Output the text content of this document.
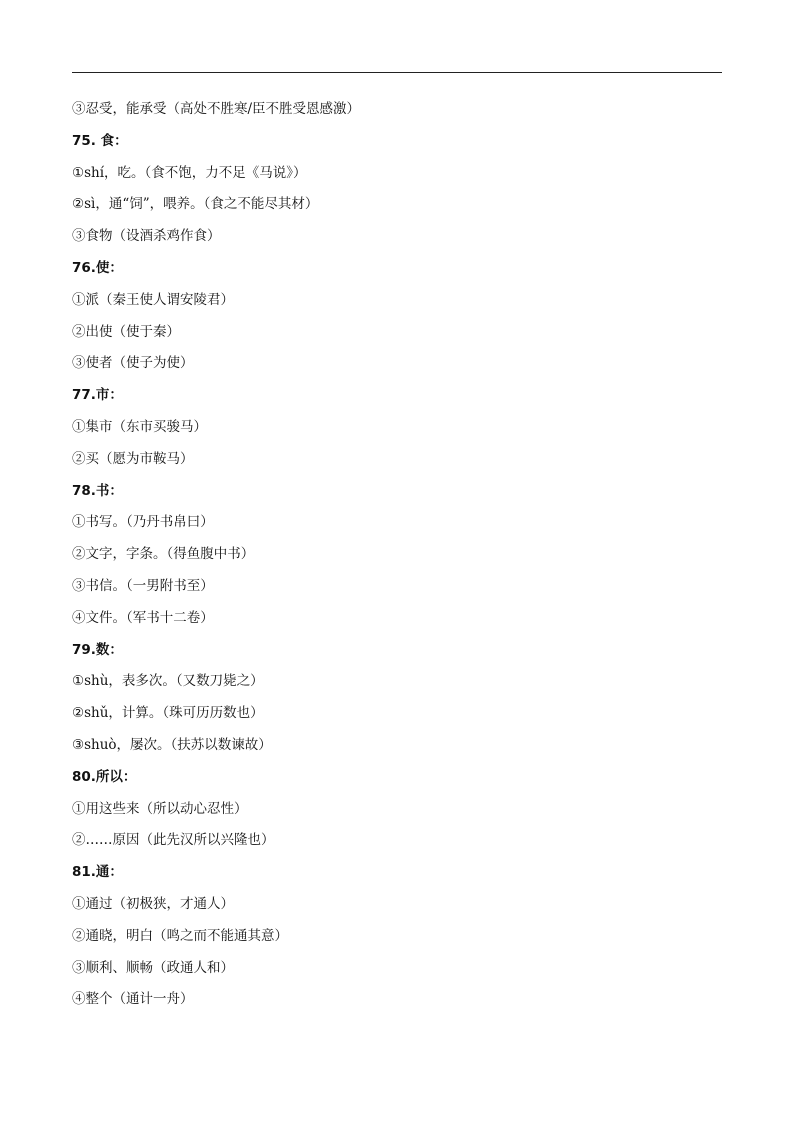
③忍受，能承受（高处不胜寒/臣不胜受恩感激）
75. 食：
①shí，吃。（食不饱，力不足《马说》）
②sì，通“饲”，喂养。（食之不能尽其材）
③食物（设酒杀鸡作食）
76.使：
①派（秦王使人谓安陵君）
②出使（使于秦）
③使者（使子为使）
77.市：
①集市（东市买骏马）
②买（愿为市鞍马）
78.书：
①书写。（乃丹书帛曰）
②文字，字条。（得鱼腹中书）
③书信。（一男附书至）
④文件。（军书十二卷）
79.数：
①shù，表多次。（又数刀毙之）
②shǔ，计算。（珠可历历数也）
③shuò，屡次。（扶苏以数谏故）
80.所以：
①用这些来（所以动心忍性）
②……原因（此先汉所以兴隆也）
81.通：
①通过（初极狭，才通人）
②通晓，明白（鸣之而不能通其意）
③顺利、顺畅（政通人和）
④整个（通计一舟）
